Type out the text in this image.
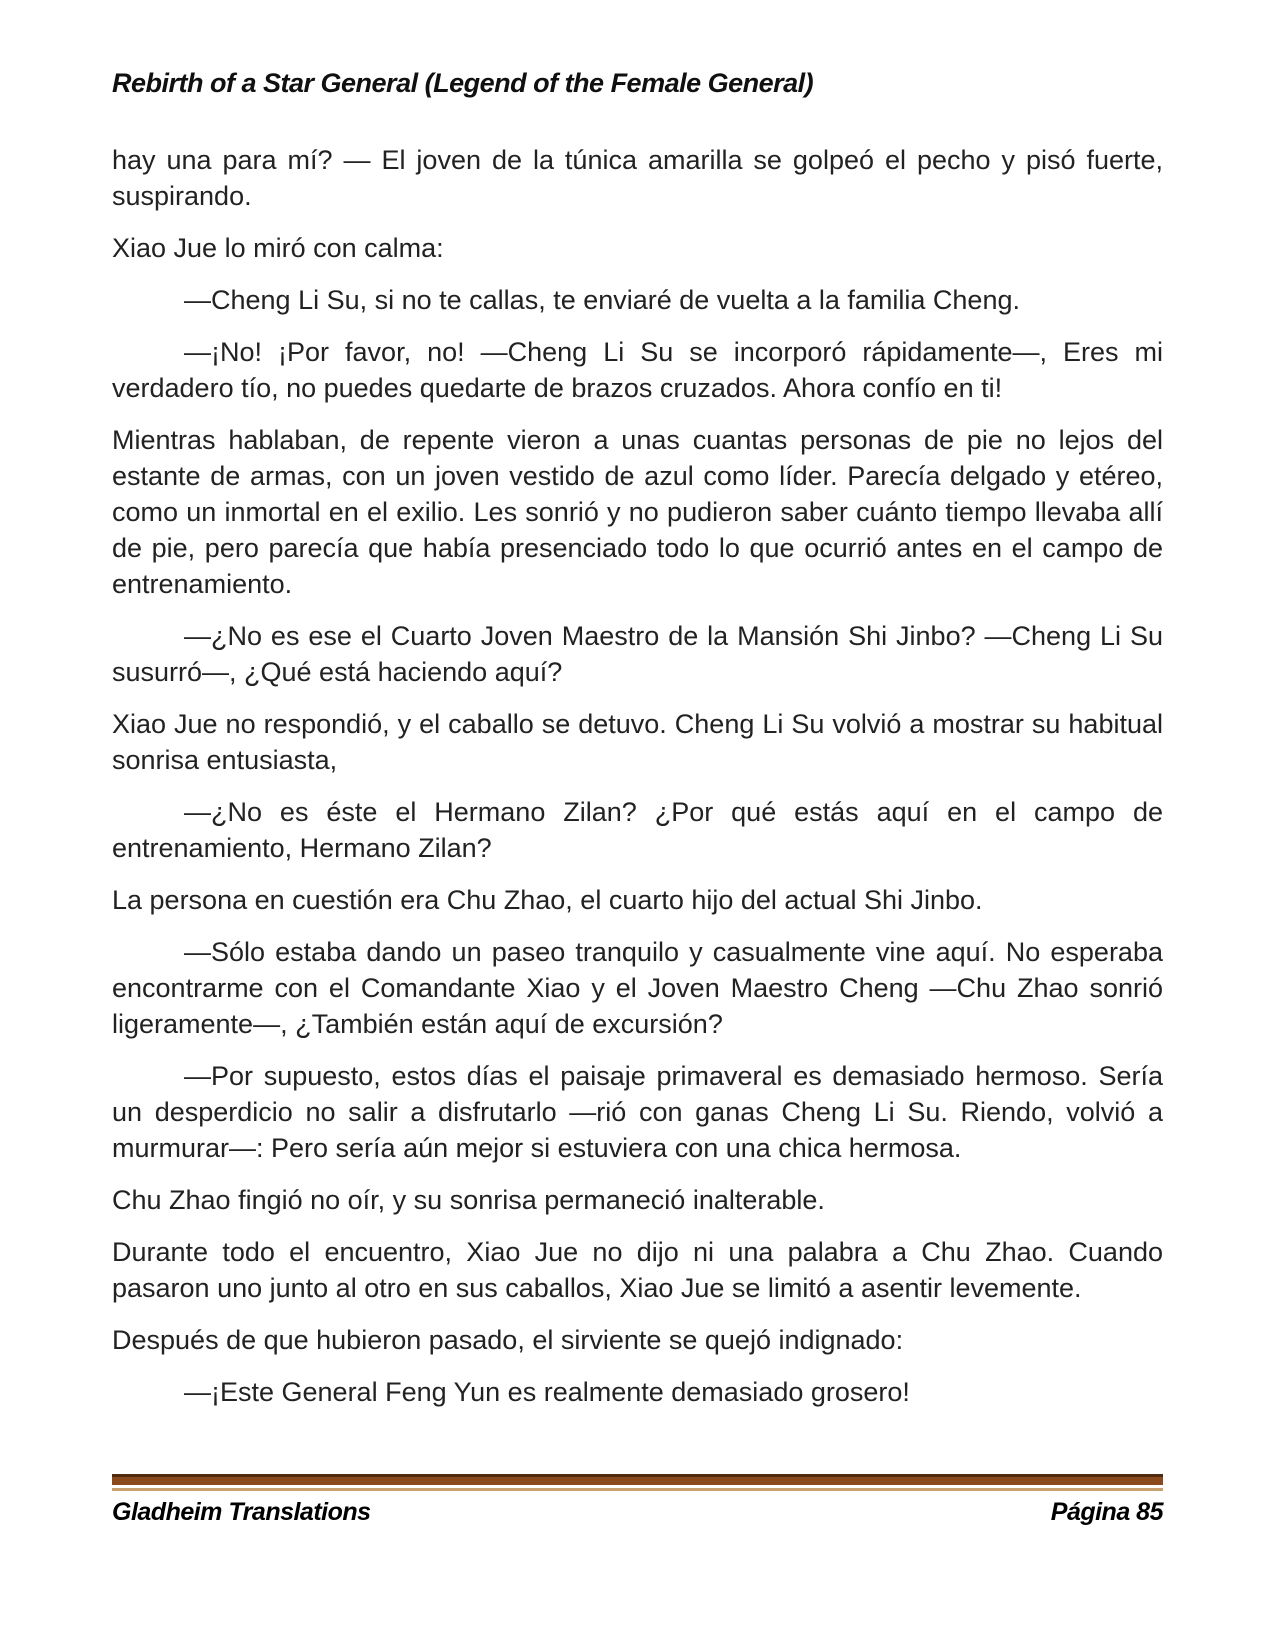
Rebirth of a Star General (Legend of the Female General)

hay una para mí? — El joven de la túnica amarilla se golpeó el pecho y pisó fuerte, suspirando.

Xiao Jue lo miró con calma:

—Cheng Li Su, si no te callas, te enviaré de vuelta a la familia Cheng.

—¡No! ¡Por favor, no! —Cheng Li Su se incorporó rápidamente—, Eres mi verdadero tío, no puedes quedarte de brazos cruzados. Ahora confío en ti!

Mientras hablaban, de repente vieron a unas cuantas personas de pie no lejos del estante de armas, con un joven vestido de azul como líder. Parecía delgado y etéreo, como un inmortal en el exilio. Les sonrió y no pudieron saber cuánto tiempo llevaba allí de pie, pero parecía que había presenciado todo lo que ocurrió antes en el campo de entrenamiento.

—¿No es ese el Cuarto Joven Maestro de la Mansión Shi Jinbo? —Cheng Li Su susurró—, ¿Qué está haciendo aquí?

Xiao Jue no respondió, y el caballo se detuvo. Cheng Li Su volvió a mostrar su habitual sonrisa entusiasta,

—¿No es éste el Hermano Zilan? ¿Por qué estás aquí en el campo de entrenamiento, Hermano Zilan?

La persona en cuestión era Chu Zhao, el cuarto hijo del actual Shi Jinbo.

—Sólo estaba dando un paseo tranquilo y casualmente vine aquí. No esperaba encontrarme con el Comandante Xiao y el Joven Maestro Cheng —Chu Zhao sonrió ligeramente—, ¿También están aquí de excursión?

—Por supuesto, estos días el paisaje primaveral es demasiado hermoso. Sería un desperdicio no salir a disfrutarlo —rió con ganas Cheng Li Su. Riendo, volvió a murmurar—: Pero sería aún mejor si estuviera con una chica hermosa.

Chu Zhao fingió no oír, y su sonrisa permaneció inalterable.

Durante todo el encuentro, Xiao Jue no dijo ni una palabra a Chu Zhao. Cuando pasaron uno junto al otro en sus caballos, Xiao Jue se limitó a asentir levemente.

Después de que hubieron pasado, el sirviente se quejó indignado:

—¡Este General Feng Yun es realmente demasiado grosero!

Gladheim Translations	Página 85
